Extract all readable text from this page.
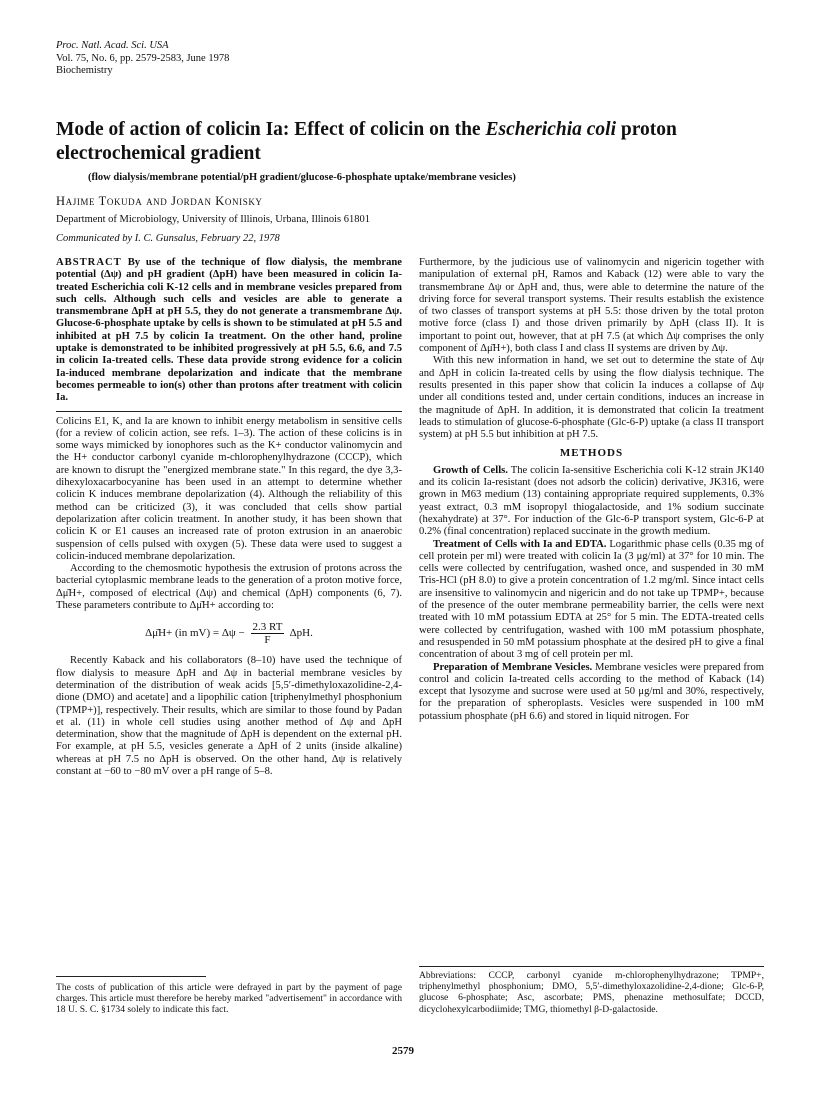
Proc. Natl. Acad. Sci. USA
Vol. 75, No. 6, pp. 2579-2583, June 1978
Biochemistry
Mode of action of colicin Ia: Effect of colicin on the Escherichia coli proton electrochemical gradient
(flow dialysis/membrane potential/pH gradient/glucose-6-phosphate uptake/membrane vesicles)
Hajime Tokuda and Jordan Konisky
Department of Microbiology, University of Illinois, Urbana, Illinois 61801
Communicated by I. C. Gunsalus, February 22, 1978
ABSTRACT By use of the technique of flow dialysis, the membrane potential (Δψ) and pH gradient (ΔpH) have been measured in colicin Ia-treated Escherichia coli K-12 cells and in membrane vesicles prepared from such cells. Although such cells and vesicles are able to generate a transmembrane ΔpH at pH 5.5, they do not generate a transmembrane Δψ. Glucose-6-phosphate uptake by cells is shown to be stimulated at pH 5.5 and inhibited at pH 7.5 by colicin Ia treatment. On the other hand, proline uptake is demonstrated to be inhibited progressively at pH 5.5, 6.6, and 7.5 in colicin Ia-treated cells. These data provide strong evidence for a colicin Ia-induced membrane depolarization and indicate that the membrane becomes permeable to ion(s) other than protons after treatment with colicin Ia.

Colicins E1, K, and Ia are known to inhibit energy metabolism in sensitive cells (for a review of colicin action, see refs. 1–3). The action of these colicins is in some ways mimicked by ionophores such as the K+ conductor valinomycin and the H+ conductor carbonyl cyanide m-chlorophenylhydrazone (CCCP), which are known to disrupt the "energized membrane state." In this regard, the dye 3,3-dihexyloxacarbocyanine has been used in an attempt to determine whether colicin K induces membrane depolarization (4). Although the reliability of this method can be criticized (3), it was concluded that cells show partial depolarization after colicin treatment. In another study, it has been shown that colicin K or E1 causes an increased rate of proton extrusion in an anaerobic suspension of cells pulsed with oxygen (5). These data were used to suggest a colicin-induced membrane depolarization.

According to the chemosmotic hypothesis the extrusion of protons across the bacterial cytoplasmic membrane leads to the generation of a proton motive force, Δμ̄H+, composed of electrical (Δψ) and chemical (ΔpH) components (6, 7). These parameters contribute to Δμ̄H+ according to:

Δμ̄H+ (in $mV) = \Delta\psi - \frac{2.3 RT}{F} \Delta pH$.

Recently Kaback and his collaborators (8–10) have used the technique of flow dialysis to measure ΔpH and Δψ in bacterial membrane vesicles by determination of the distribution of weak acids [5,5′-dimethyloxazolidine-2,4-dione (DMO) and acetate] and a lipophilic cation [triphenylmethyl phosphonium (TPMP+)], respectively. Their results, which are similar to those found by Padan et al. (11) in whole cell studies using another method of Δψ and ΔpH determination, show that the magnitude of ΔpH is dependent on the external pH. For example, at pH 5.5, vesicles generate a ΔpH of 2 units (inside alkaline) whereas at pH 7.5 no ΔpH is observed. On the other hand, Δψ is relatively constant at −60 to −80 mV over a pH range of 5–8.

Furthermore, by the judicious use of valinomycin and nigericin together with manipulation of external pH, Ramos and Kaback (12) were able to vary the transmembrane Δψ or ΔpH and, thus, were able to determine the nature of the driving force for several transport systems. Their results establish the existence of two classes of transport systems at pH 5.5: those driven by the total proton motive force (class I) and those driven primarily by ΔpH (class II). It is important to point out, however, that at pH 7.5 (at which Δψ comprises the only component of Δμ̄H+), both class I and class II systems are driven by Δψ.

With this new information in hand, we set out to determine the state of Δψ and ΔpH in colicin Ia-treated cells by using the flow dialysis technique. The results presented in this paper show that colicin Ia induces a collapse of Δψ under all conditions tested and, under certain conditions, induces an increase in the magnitude of ΔpH. In addition, it is demonstrated that colicin Ia treatment leads to stimulation of glucose-6-phosphate (Glc-6-P) uptake (a class II transport system) at pH 5.5 but inhibition at pH 7.5.

METHODS

Growth of Cells. The colicin Ia-sensitive Escherichia coli K-12 strain JK140 and its colicin Ia-resistant (does not adsorb the colicin) derivative, JK316, were grown in M63 medium (13) containing appropriate required supplements, 0.3% yeast extract, 0.3 mM isopropyl thiogalactoside, and 1% sodium succinate (hexahydrate) at 37°. For induction of the Glc-6-P transport system, Glc-6-P at 0.2% (final concentration) replaced succinate in the growth medium.

Treatment of Cells with Ia and EDTA. Logarithmic phase cells (0.35 mg of cell protein per ml) were treated with colicin Ia (3 μg/ml) at 37° for 10 min. The cells were collected by centrifugation, washed once, and suspended in 30 mM Tris-HCl (pH 8.0) to give a protein concentration of 1.2 mg/ml. Since intact cells are insensitive to valinomycin and nigericin and do not take up TPMP+, because of the presence of the outer membrane permeability barrier, the cells were next treated with 10 mM potassium EDTA at 25° for 5 min. The EDTA-treated cells were collected by centrifugation, washed with 100 mM potassium phosphate, and resuspended in 50 mM potassium phosphate at the desired pH to give a final concentration of about 3 mg of cell protein per ml.

Preparation of Membrane Vesicles. Membrane vesicles were prepared from control and colicin Ia-treated cells according to the method of Kaback (14) except that lysozyme and sucrose were used at 50 μg/ml and 30%, respectively, for the preparation of spheroplasts. Vesicles were suspended in 100 mM potassium phosphate (pH 6.6) and stored in liquid nitrogen. For

The costs of publication of this article were defrayed in part by the payment of page charges. This article must therefore be hereby marked "advertisement" in accordance with 18 U. S. C. §1734 solely to indicate this fact.
Abbreviations: CCCP, carbonyl cyanide m-chlorophenylhydrazone; TPMP+, triphenylmethyl phosphonium; DMO, 5,5′-dimethyloxazolidine-2,4-dione; Glc-6-P, glucose 6-phosphate; Asc, ascorbate; PMS, phenazine methosulfate; DCCD, dicyclohexylcarbodiimide; TMG, thiomethyl β-D-galactoside.
2579
